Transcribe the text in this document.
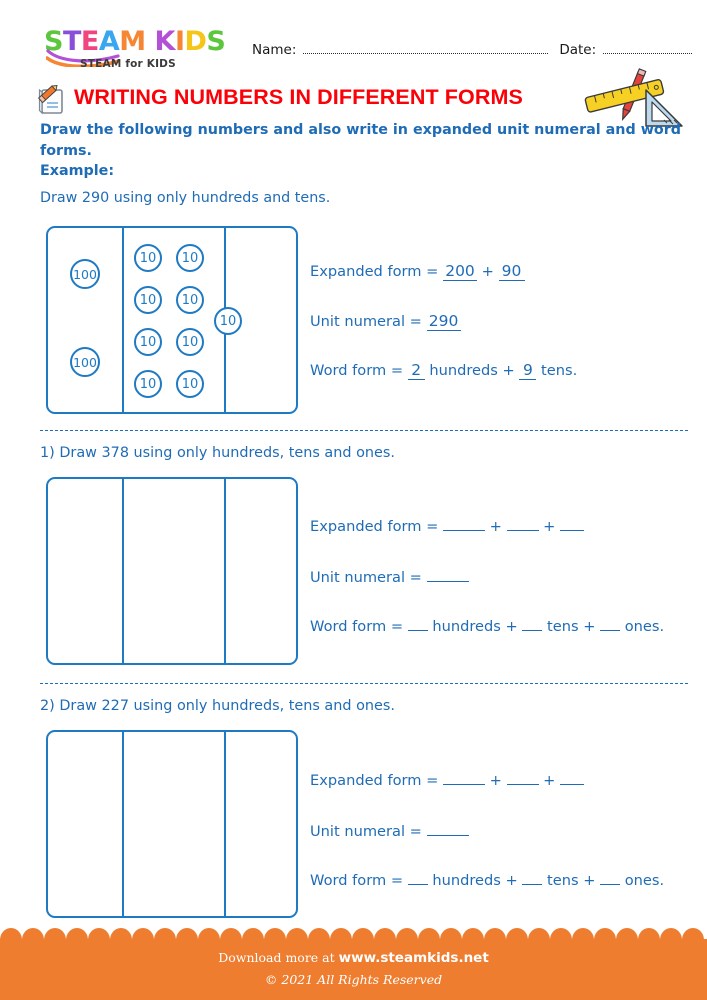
STEAM KIDS
STEAM for KIDS
Name:	Date:
WRITING NUMBERS IN DIFFERENT FORMS
Draw the following numbers and also write in expanded unit numeral and word forms.
Example:
Draw 290 using only hundreds and tens.
100
100
10	10
10	10
10	10
10	10
10
Expanded form = 200 + 90
Unit numeral = 290
Word form = 2 hundreds + 9 tens.
1) Draw 378 using only hundreds, tens and ones.
Expanded form =	+  +
Unit numeral =
Word form =  hundreds +  tens +  ones.
2) Draw 227 using only hundreds, tens and ones.
Expanded form =	+  +
Unit numeral =
Word form =  hundreds +  tens +  ones.
Download more at www.steamkids.net
© 2021 All Rights Reserved
